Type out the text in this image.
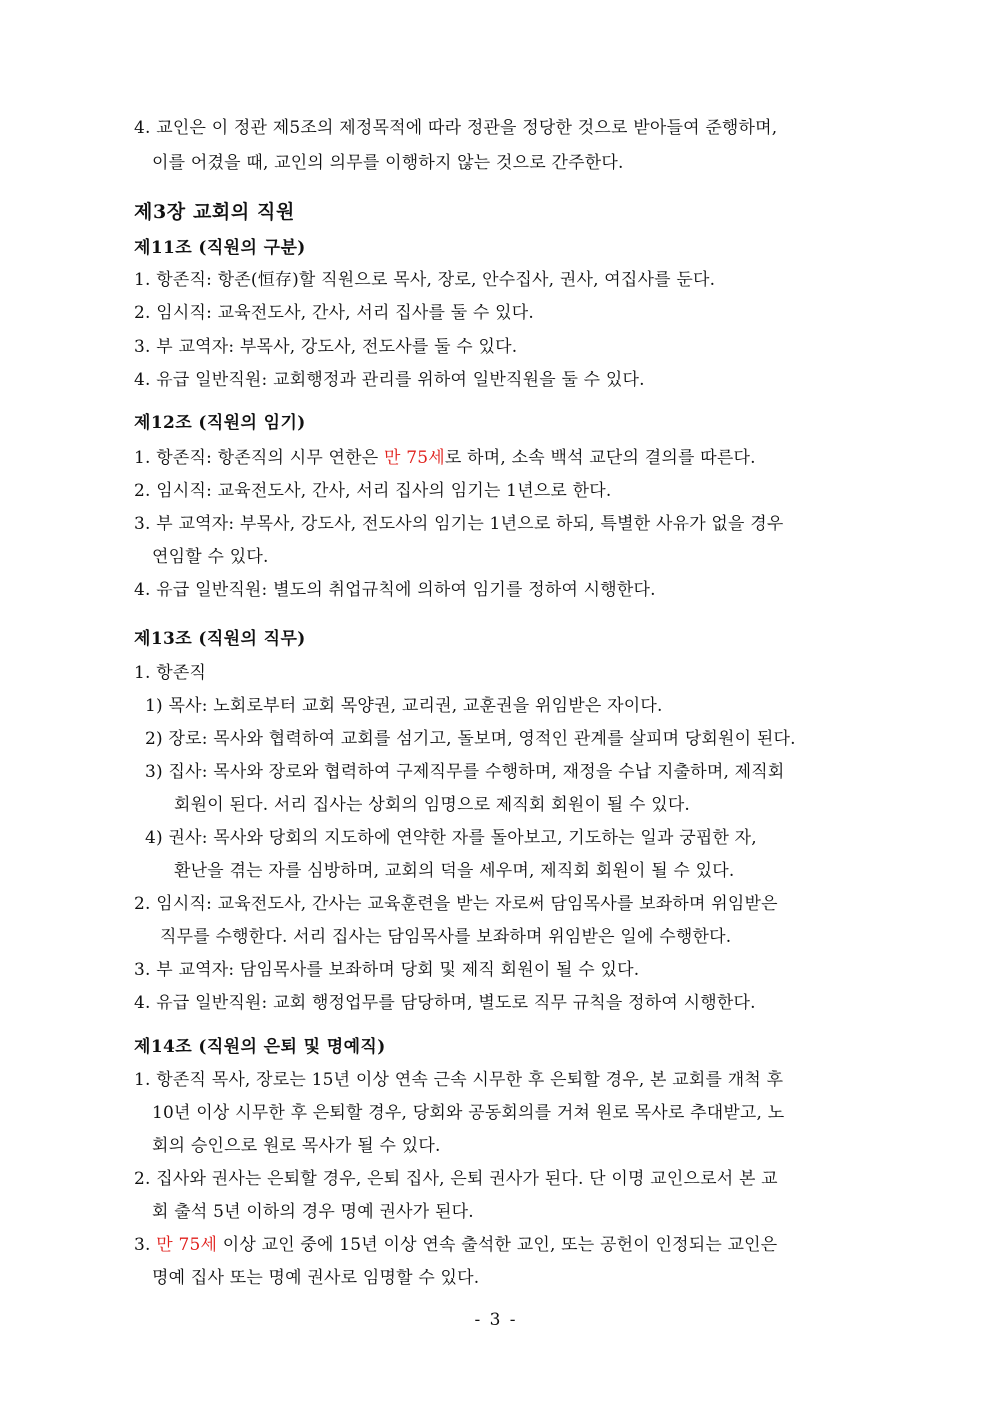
4. 교인은 이 정관 제5조의 제정목적에 따라 정관을 정당한 것으로 받아들여 준행하며,
이를 어겼을 때, 교인의 의무를 이행하지 않는 것으로 간주한다.
제3장 교회의 직원
제11조 (직원의 구분)
1. 항존직: 항존(恒存)할 직원으로 목사, 장로, 안수집사, 권사, 여집사를 둔다.
2. 임시직: 교육전도사, 간사, 서리 집사를 둘 수 있다.
3. 부 교역자: 부목사, 강도사, 전도사를 둘 수 있다.
4. 유급 일반직원: 교회행정과 관리를 위하여 일반직원을 둘 수 있다.
제12조 (직원의 임기)
1. 항존직: 항존직의 시무 연한은 만 75세로 하며, 소속 백석 교단의 결의를 따른다.
2. 임시직: 교육전도사, 간사, 서리 집사의 임기는 1년으로 한다.
3. 부 교역자: 부목사, 강도사, 전도사의 임기는 1년으로 하되, 특별한 사유가 없을 경우
연임할 수 있다.
4. 유급 일반직원: 별도의 취업규칙에 의하여 임기를 정하여 시행한다.
제13조 (직원의 직무)
1. 항존직
1) 목사: 노회로부터 교회 목양권, 교리권, 교훈권을 위임받은 자이다.
2) 장로: 목사와 협력하여 교회를 섬기고, 돌보며, 영적인 관계를 살피며 당회원이 된다.
3) 집사: 목사와 장로와 협력하여 구제직무를 수행하며, 재정을 수납 지출하며, 제직회
회원이 된다. 서리 집사는 상회의 임명으로 제직회 회원이 될 수 있다.
4) 권사: 목사와 당회의 지도하에 연약한 자를 돌아보고, 기도하는 일과 궁핍한 자,
환난을 겪는 자를 심방하며, 교회의 덕을 세우며, 제직회 회원이 될 수 있다.
2. 임시직: 교육전도사, 간사는 교육훈련을 받는 자로써 담임목사를 보좌하며 위임받은
직무를 수행한다. 서리 집사는 담임목사를 보좌하며 위임받은 일에 수행한다.
3. 부 교역자: 담임목사를 보좌하며 당회 및 제직 회원이 될 수 있다.
4. 유급 일반직원: 교회 행정업무를 담당하며, 별도로 직무 규칙을 정하여 시행한다.
제14조 (직원의 은퇴 및 명예직)
1. 항존직 목사, 장로는 15년 이상 연속 근속 시무한 후 은퇴할 경우, 본 교회를 개척 후
10년 이상 시무한 후 은퇴할 경우, 당회와 공동회의를 거쳐 원로 목사로 추대받고, 노
회의 승인으로 원로 목사가 될 수 있다.
2. 집사와 권사는 은퇴할 경우, 은퇴 집사, 은퇴 권사가 된다. 단 이명 교인으로서 본 교
회 출석 5년 이하의 경우 명예 권사가 된다.
3. 만 75세 이상 교인 중에 15년 이상 연속 출석한 교인, 또는 공헌이 인정되는 교인은
명예 집사 또는 명예 권사로 임명할 수 있다.
- 3 -
